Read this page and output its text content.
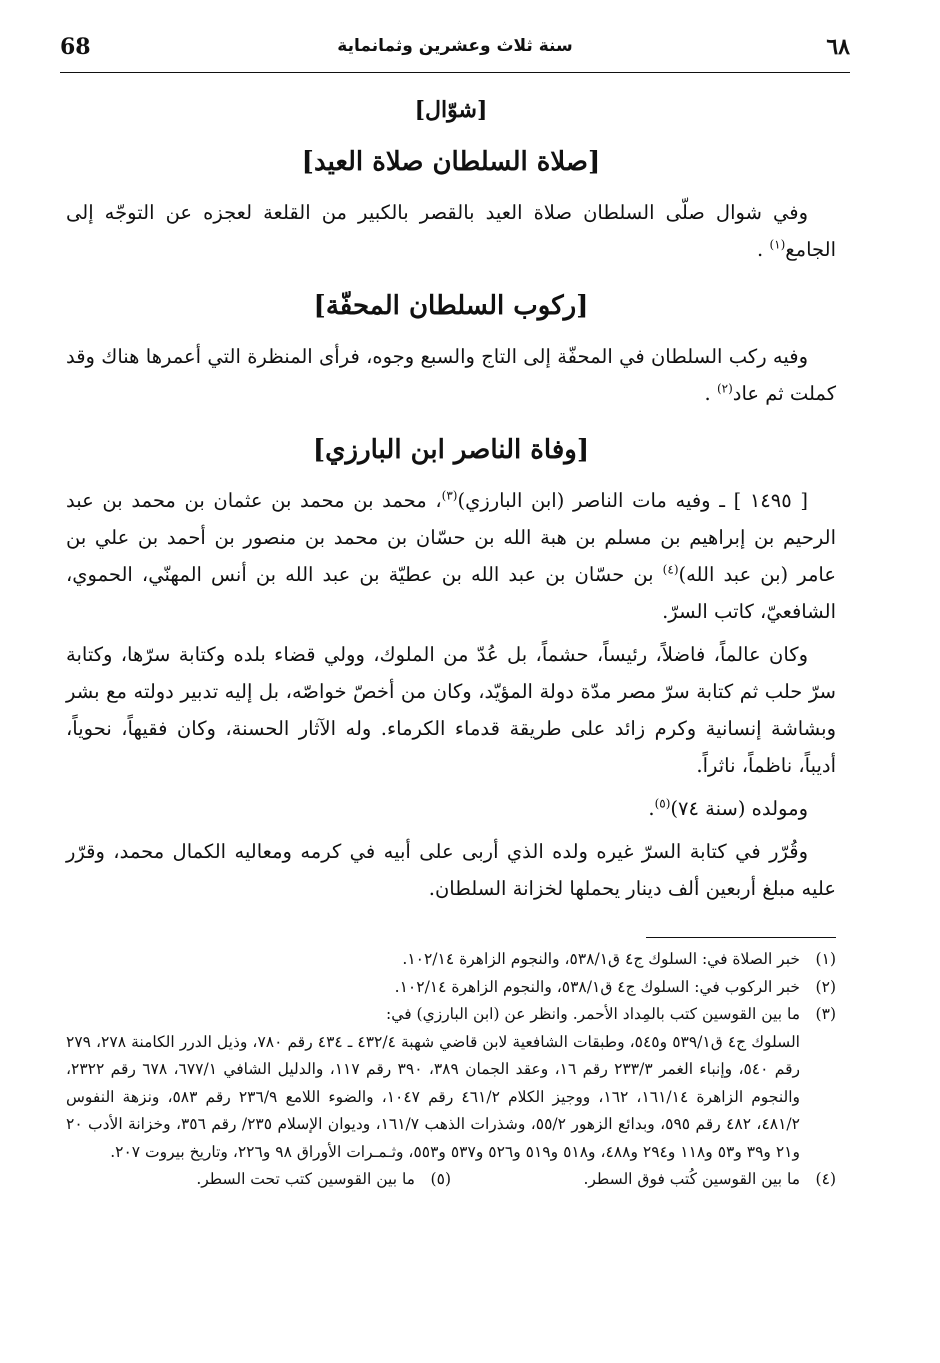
68	سنة ثلاث وعشرين وثمانماية	٦٨

[شوّال]

[صلاة السلطان صلاة العيد]

وفي شوال صلّى السلطان صلاة العيد بالقصر بالكبير من القلعة لعجزه عن التوجّه إلى الجامع$^{(١)}$ .

[ركوب السلطان المحفّة]

وفيه ركب السلطان في المحفّة إلى التاج والسبع وجوه، فرأى المنظرة التي أعمرها هناك وقد كملت ثم عاد$^{(٢)}$ .

[وفاة الناصر ابن البارزي]

[ ١٤٩٥ ] ـ وفيه مات الناصر (ابن البارزي)$^{(٣)}$، محمد بن محمد بن عثمان بن محمد بن عبد الرحيم بن إبراهيم بن مسلم بن هبة الله بن حسّان بن محمد بن منصور بن أحمد بن علي بن عامر (بن عبد الله)$^{(٤)}$ بن حسّان بن عبد الله بن عطيّة بن عبد الله بن أنس المهنّي، الحموي، الشافعيّ، كاتب السرّ.

وكان عالماً، فاضلاً، رئيساً، حشماً، بل عُدّ من الملوك، وولي قضاء بلده وكتابة سرّها، وكتابة سرّ حلب ثم كتابة سرّ مصر مدّة دولة المؤيّد، وكان من أخصّ خواصّه، بل إليه تدبير دولته مع بشر وبشاشة إنسانية وكرم زائد على طريقة قدماء الكرماء. وله الآثار الحسنة، وكان فقيهاً، نحوياً، أديباً، ناظماً، ناثراً.

ومولده (سنة ٧٤)$^{(٥)}$.

وقُرّر في كتابة السرّ غيره ولده الذي أربى على أبيه في كرمه ومعاليه الكمال محمد، وقرّر عليه مبلغ أربعين ألف دينار يحملها لخزانة السلطان.

(١)
خبر الصلاة في: السلوك ج٤ ق٥٣٨/١، والنجوم الزاهرة ١٠٢/١٤.
(٢)
خبر الركوب في: السلوك ج٤ ق٥٣٨/١، والنجوم الزاهرة ١٠٢/١٤.
(٣)
ما بين القوسين كتب بالمِداد الأحمر. وانظر عن (ابن البارزي) في:
السلوك ج٤ ق٥٣٩/١ و٥٤٥، وطبقات الشافعية لابن قاضي شهبة ٤٣٢/٤ ـ ٤٣٤ رقم ٧٨٠، وذيل الدرر الكامنة ٢٧٨، ٢٧٩ رقم ٥٤٠، وإنباء الغمر ٢٣٣/٣ رقم ١٦، وعقد الجمان ٣٨٩، ٣٩٠ رقم ١١٧، والدليل الشافي ٦٧٧/١، ٦٧٨ رقم ٢٣٢٢، والنجوم الزاهرة ١٦١/١٤، ١٦٢، ووجيز الكلام ٤٦١/٢ رقم ١٠٤٧، والضوء اللامع ٢٣٦/٩ رقم ٥٨٣، ونزهة النفوس ٤٨١/٢، ٤٨٢ رقم ٥٩٥، وبدائع الزهور ٥٥/٢، وشذرات الذهب ١٦١/٧، وديوان الإسلام ٢٣٥/ رقم ٣٥٦، وخزانة الأدب ٢٠ و٢١ و٣٩ و٥٣ و١١٨ و٢٩٤ و٤٨٨، و٥١٨ و٥١٩ و٥٢٦ و٥٣٧ و٥٥٣، وثـمـرات الأوراق ٩٨ و٢٢٦، وتاريخ بيروت ٢٠٧.
(٤)
ما بين القوسين كُتب فوق السطر.
(٥)
ما بين القوسين كتب تحت السطر.
